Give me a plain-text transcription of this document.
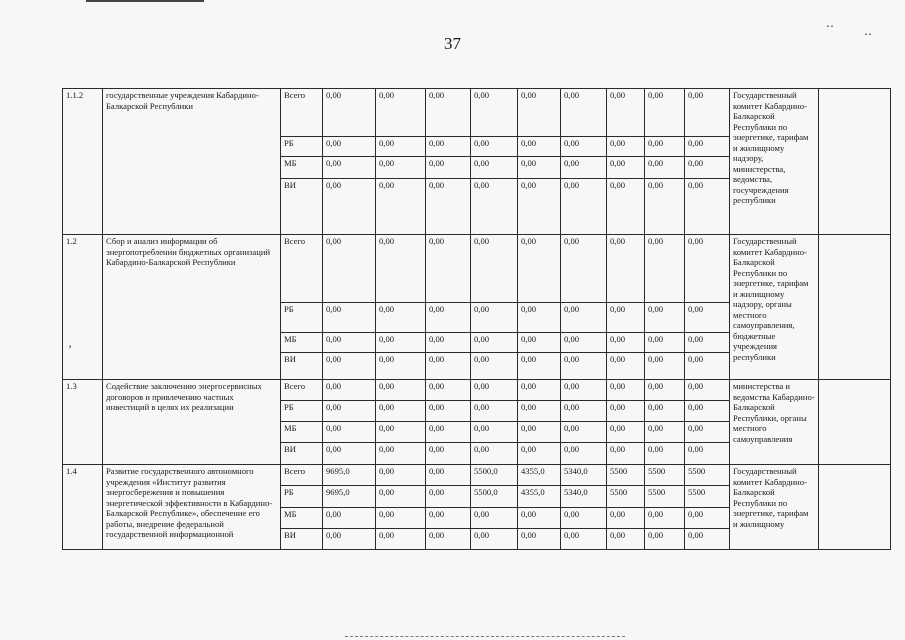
37
․․
․․
’
1.1.2	государственные учреждения Кабардино-Балкарской Республики	Всего	0,00	0,00	0,00	0,00	0,00	0,00	0,00	0,00	0,00	Государственный комитет Кабардино-Балкарской Республики по энергетике, тарифам и жилищному надзору, министерства, ведомства, госучреждения республики	
		РБ	0,00	0,00	0,00	0,00	0,00	0,00	0,00	0,00	0,00		
		МБ	0,00	0,00	0,00	0,00	0,00	0,00	0,00	0,00	0,00		
		ВИ	0,00	0,00	0,00	0,00	0,00	0,00	0,00	0,00	0,00		
1.2	Сбор и анализ информации об энергопотреблении бюджетных организаций Кабардино-Балкарской Республики	Всего	0,00	0,00	0,00	0,00	0,00	0,00	0,00	0,00	0,00	Государственный комитет Кабардино-Балкарской Республики по энергетике, тарифам и жилищному надзору, органы местного самоуправления, бюджетные учреждения республики	
		РБ	0,00	0,00	0,00	0,00	0,00	0,00	0,00	0,00	0,00		
		МБ	0,00	0,00	0,00	0,00	0,00	0,00	0,00	0,00	0,00		
		ВИ	0,00	0,00	0,00	0,00	0,00	0,00	0,00	0,00	0,00		
1.3	Содействие заключению энергосервисных договоров и привлечению частных инвестиций в целях их реализации	Всего	0,00	0,00	0,00	0,00	0,00	0,00	0,00	0,00	0,00	министерства и ведомства Кабардино-Балкарской Республики, органы местного самоуправления	
		РБ	0,00	0,00	0,00	0,00	0,00	0,00	0,00	0,00	0,00		
		МБ	0,00	0,00	0,00	0,00	0,00	0,00	0,00	0,00	0,00		
		ВИ	0,00	0,00	0,00	0,00	0,00	0,00	0,00	0,00	0,00		
1.4	Развитие государственного автономного учреждения «Институт развития энергосбережения и повышения энергетической эффективности в Кабардино-Балкарской Республике», обеспечение его работы, внедрение федеральной государственной информационной	Всего	9695,0	0,00	0,00	5500,0	4355,0	5340,0	5500	5500	5500	Государственный комитет Кабардино-Балкарской Республики по энергетике, тарифам и жилищному	
		РБ	9695,0	0,00	0,00	5500,0	4355,0	5340,0	5500	5500	5500		
		МБ	0,00	0,00	0,00	0,00	0,00	0,00	0,00	0,00	0,00		
		ВИ	0,00	0,00	0,00	0,00	0,00	0,00	0,00	0,00	0,00		
